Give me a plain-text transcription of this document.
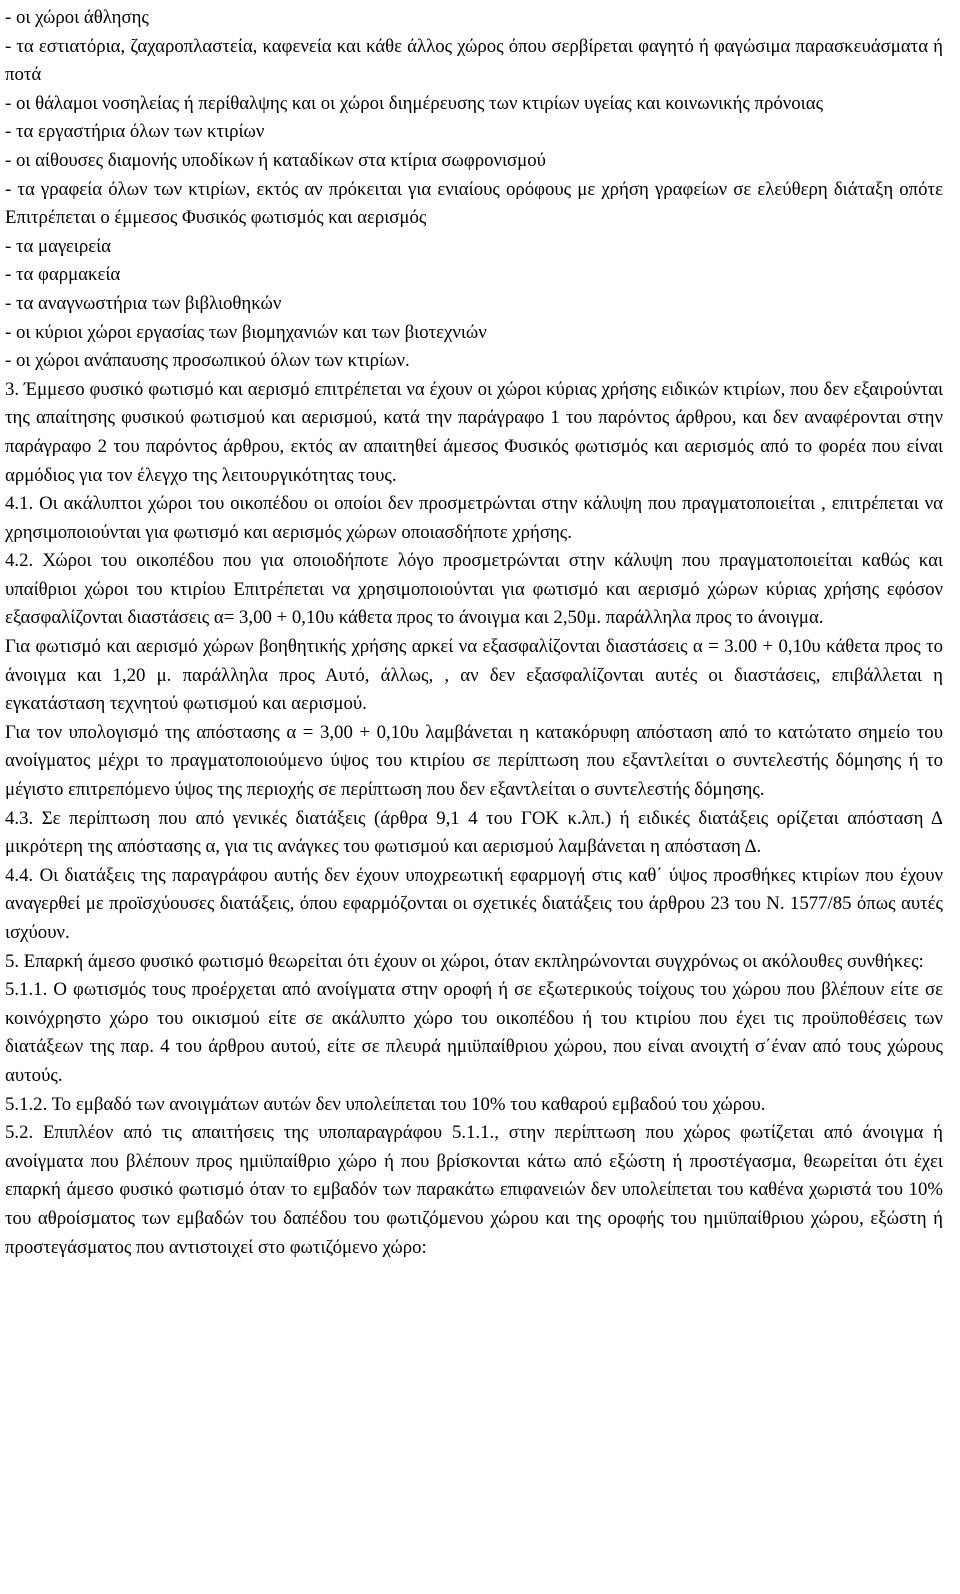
- οι χώροι άθλησης
- τα εστιατόρια, ζαχαροπλαστεία, καφενεία και κάθε άλλος χώρος όπου σερβίρεται φαγητό ή φαγώσιμα παρασκευάσματα ή ποτά
- οι θάλαμοι νοσηλείας ή περίθαλψης και οι χώροι διημέρευσης των κτιρίων υγείας και κοινωνικής πρόνοιας
- τα εργαστήρια όλων των κτιρίων
- οι αίθουσες διαμονής υποδίκων ή καταδίκων στα κτίρια σωφρονισμού
- τα γραφεία όλων των κτιρίων, εκτός αν πρόκειται για ενιαίους ορόφους με χρήση γραφείων σε ελεύθερη διάταξη οπότε Επιτρέπεται ο έμμεσος Φυσικός φωτισμός και αερισμός
- τα μαγειρεία
- τα φαρμακεία
- τα αναγνωστήρια των βιβλιοθηκών
- οι κύριοι χώροι εργασίας των βιομηχανιών και των βιοτεχνιών
- οι χώροι ανάπαυσης προσωπικού όλων των κτιρίων.
3. Έμμεσο φυσικό φωτισμό και αερισμό επιτρέπεται να έχουν οι χώροι κύριας χρήσης ειδικών κτιρίων, που δεν εξαιρούνται της απαίτησης φυσικού φωτισμού και αερισμού, κατά την παράγραφο 1 του παρόντος άρθρου, και δεν αναφέρονται στην παράγραφο 2 του παρόντος άρθρου, εκτός αν απαιτηθεί άμεσος Φυσικός φωτισμός και αερισμός από το φορέα που είναι αρμόδιος για τον έλεγχο της λειτουργικότητας τους.
4.1. Οι ακάλυπτοι χώροι του οικοπέδου οι οποίοι δεν προσμετρώνται στην κάλυψη που πραγματοποιείται , επιτρέπεται να χρησιμοποιούνται για φωτισμό και αερισμός χώρων οποιασδήποτε χρήσης.
4.2. Χώροι του οικοπέδου που για οποιοδήποτε λόγο προσμετρώνται στην κάλυψη που πραγματοποιείται καθώς και υπαίθριοι χώροι του κτιρίου Επιτρέπεται να χρησιμοποιούνται για φωτισμό και αερισμό χώρων κύριας χρήσης εφόσον εξασφαλίζονται διαστάσεις α= 3,00 + 0,10υ κάθετα προς το άνοιγμα και 2,50μ. παράλληλα προς το άνοιγμα.
Για φωτισμό και αερισμό χώρων βοηθητικής χρήσης αρκεί να εξασφαλίζονται διαστάσεις α = 3.00 + 0,10υ κάθετα προς το άνοιγμα και 1,20 μ. παράλληλα προς Αυτό, άλλως, , αν δεν εξασφαλίζονται αυτές οι διαστάσεις, επιβάλλεται η εγκατάσταση τεχνητού φωτισμού και αερισμού.
Για τον υπολογισμό της απόστασης α = 3,00 + 0,10υ λαμβάνεται η κατακόρυφη απόσταση από το κατώτατο σημείο του ανοίγματος μέχρι το πραγματοποιούμενο ύψος του κτιρίου σε περίπτωση που εξαντλείται ο συντελεστής δόμησης ή το μέγιστο επιτρεπόμενο ύψος της περιοχής σε περίπτωση που δεν εξαντλείται ο συντελεστής δόμησης.
4.3. Σε περίπτωση που από γενικές διατάξεις (άρθρα 9,1 4 του ΓΟΚ κ.λπ.) ή ειδικές διατάξεις ορίζεται απόσταση Δ μικρότερη της απόστασης α, για τις ανάγκες του φωτισμού και αερισμού λαμβάνεται η απόσταση Δ.
4.4. Οι διατάξεις της παραγράφου αυτής δεν έχουν υποχρεωτική εφαρμογή στις καθ΄ ύψος προσθήκες κτιρίων που έχουν αναγερθεί με προϊσχύουσες διατάξεις, όπου εφαρμόζονται οι σχετικές διατάξεις του άρθρου 23 του Ν. 1577/85 όπως αυτές ισχύουν.
5. Επαρκή άμεσο φυσικό φωτισμό θεωρείται ότι έχουν οι χώροι, όταν εκπληρώνονται συγχρόνως οι ακόλουθες συνθήκες:
5.1.1. Ο φωτισμός τους προέρχεται από ανοίγματα στην οροφή ή σε εξωτερικούς τοίχους του χώρου που βλέπουν είτε σε κοινόχρηστο χώρο του οικισμού είτε σε ακάλυπτο χώρο του οικοπέδου ή του κτιρίου που έχει τις προϋποθέσεις των διατάξεων της παρ. 4 του άρθρου αυτού, είτε σε πλευρά ημιϋπαίθριου χώρου, που είναι ανοιχτή σ΄έναν από τους χώρους αυτούς.
5.1.2. Το εμβαδό των ανοιγμάτων αυτών δεν υπολείπεται του 10% του καθαρού εμβαδού του χώρου.
5.2. Επιπλέον από τις απαιτήσεις της υποπαραγράφου 5.1.1., στην περίπτωση που χώρος φωτίζεται από άνοιγμα ή ανοίγματα που βλέπουν προς ημιϋπαίθριο χώρο ή που βρίσκονται κάτω από εξώστη ή προστέγασμα, θεωρείται ότι έχει επαρκή άμεσο φυσικό φωτισμό όταν το εμβαδόν των παρακάτω επιφανειών δεν υπολείπεται του καθένα χωριστά του 10% του αθροίσματος των εμβαδών του δαπέδου του φωτιζόμενου χώρου και της οροφής του ημιϋπαίθριου χώρου, εξώστη ή προστεγάσματος που αντιστοιχεί στο φωτιζόμενο χώρο:
